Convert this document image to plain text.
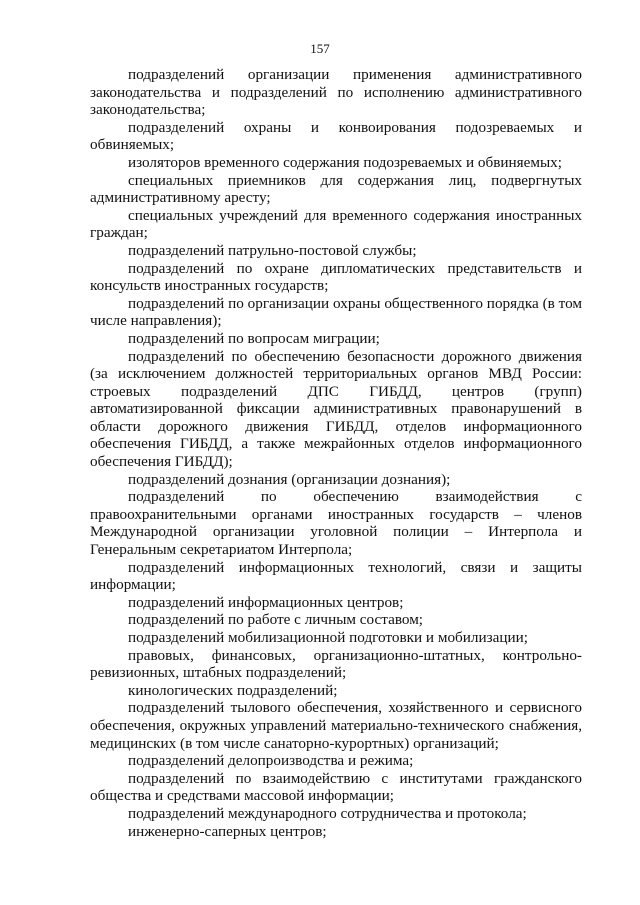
157

подразделений организации применения административного законодательства и подразделений по исполнению административного законодательства;

подразделений охраны и конвоирования подозреваемых и обвиняемых;

изоляторов временного содержания подозреваемых и обвиняемых;

специальных приемников для содержания лиц, подвергнутых административному аресту;

специальных учреждений для временного содержания иностранных граждан;

подразделений патрульно-постовой службы;

подразделений по охране дипломатических представительств и консульств иностранных государств;

подразделений по организации охраны общественного порядка (в том числе направления);

подразделений по вопросам миграции;

подразделений по обеспечению безопасности дорожного движения (за исключением должностей территориальных органов МВД России: строевых подразделений ДПС ГИБДД, центров (групп) автоматизированной фиксации административных правонарушений в области дорожного движения ГИБДД, отделов информационного обеспечения ГИБДД, а также межрайонных отделов информационного обеспечения ГИБДД);

подразделений дознания (организации дознания);

подразделений по обеспечению взаимодействия с правоохранительными органами иностранных государств – членов Международной организации уголовной полиции – Интерпола и Генеральным секретариатом Интерпола;

подразделений информационных технологий, связи и защиты информации;

подразделений информационных центров;

подразделений по работе с личным составом;

подразделений мобилизационной подготовки и мобилизации;

правовых, финансовых, организационно-штатных, контрольно-ревизионных, штабных подразделений;

кинологических подразделений;

подразделений тылового обеспечения, хозяйственного и сервисного обеспечения, окружных управлений материально-технического снабжения, медицинских (в том числе санаторно-курортных) организаций;

подразделений делопроизводства и режима;

подразделений по взаимодействию с институтами гражданского общества и средствами массовой информации;

подразделений международного сотрудничества и протокола;

инженерно-саперных центров;
